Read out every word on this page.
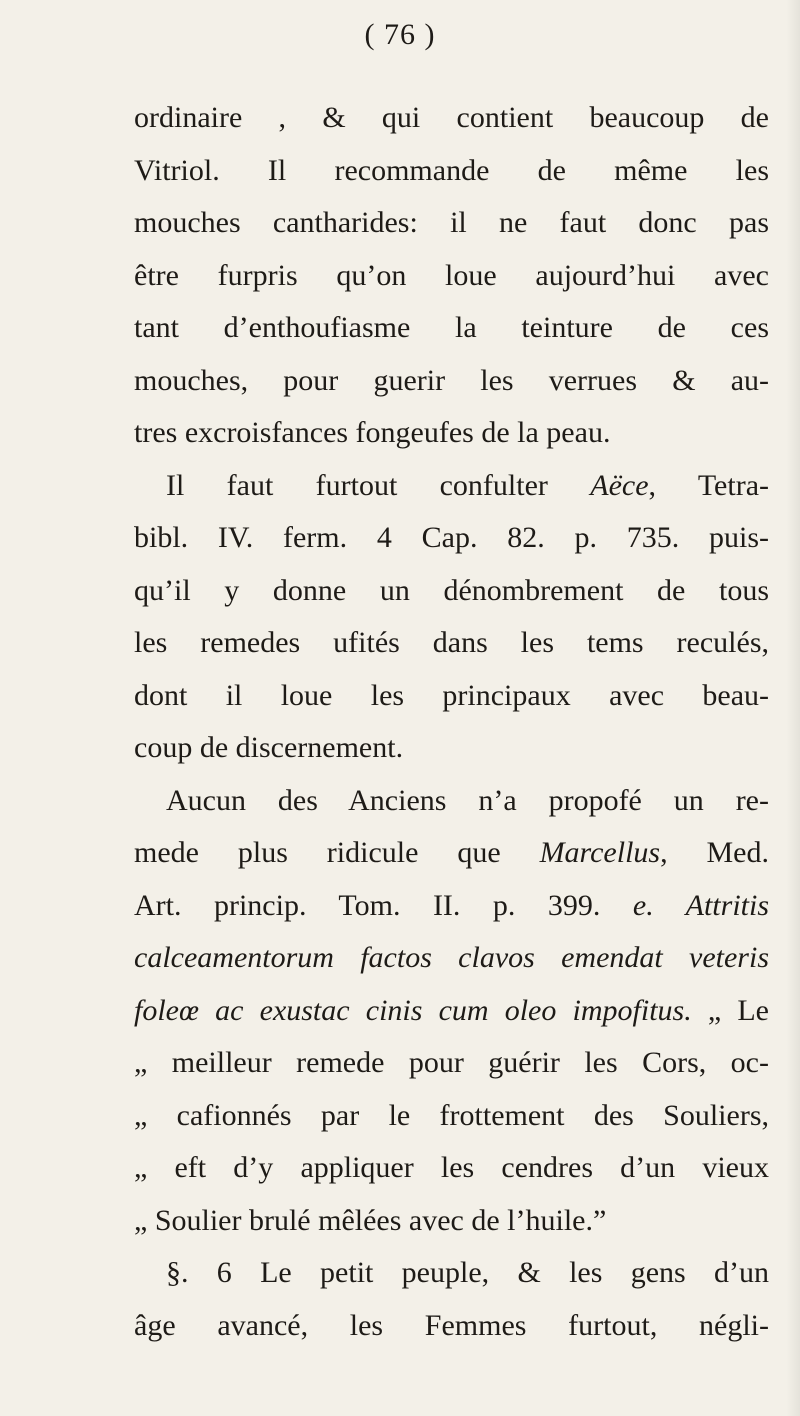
( 76 )
ordinaire , & qui contient beaucoup de
Vitriol. Il recommande de même les
mouches cantharides: il ne faut donc pas
être furpris qu’on loue aujourd’hui avec
tant d’enthoufiasme la teinture de ces
mouches, pour guerir les verrues & au-
tres excroisfances fongeufes de la peau.
Il faut furtout confulter Aëce, Tetra-
bibl. IV. ferm. 4 Cap. 82. p. 735. puis-
qu’il y donne un dénombrement de tous
les remedes ufités dans les tems reculés,
dont il loue les principaux avec beau-
coup de discernement.
Aucun des Anciens n’a propofé un re-
mede plus ridicule que Marcellus, Med.
Art. princip. Tom. II. p. 399. e. Attritis
calceamentorum factos clavos emendat veteris
foleœ ac exustac cinis cum oleo impofitus. „ Le
„ meilleur remede pour guérir les Cors, oc-
„ cafionnés par le frottement des Souliers,
„ eft d’y appliquer les cendres d’un vieux
„ Soulier brulé mêlées avec de l’huile.”
§. 6 Le petit peuple, & les gens d’un
âge avancé, les Femmes furtout, négli-
